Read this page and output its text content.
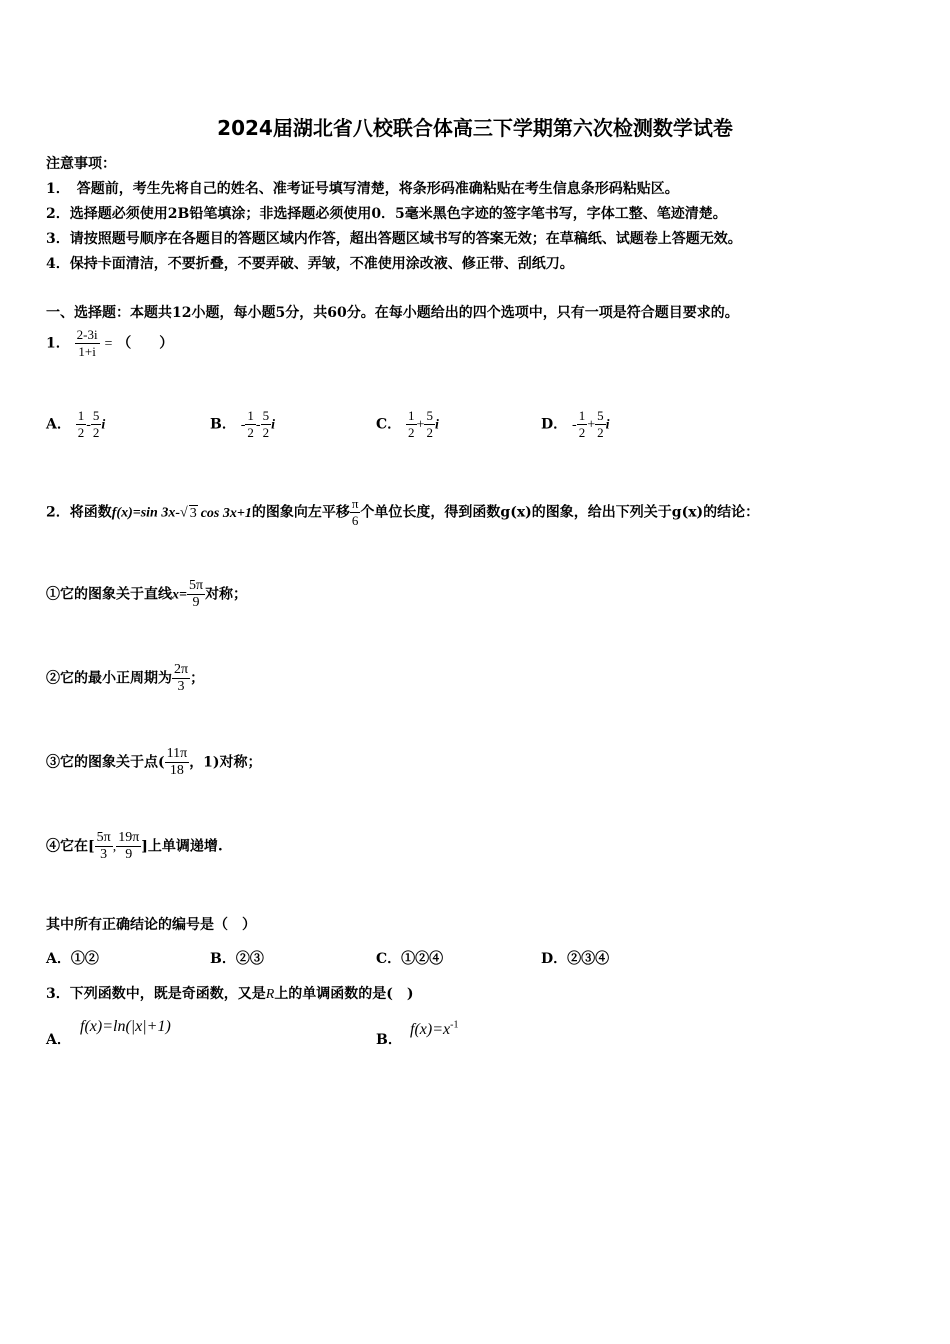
2024届湖北省八校联合体高三下学期第六次检测数学试卷
注意事项：
1．　答题前，考生先将自己的姓名、准考证号填写清楚，将条形码准确粘贴在考生信息条形码粘贴区。
2．选择题必须使用2B铅笔填涂；非选择题必须使用0．5毫米黑色字迹的签字笔书写，字体工整、笔迹清楚。
3．请按照题号顺序在各题目的答题区域内作答，超出答题区域书写的答案无效；在草稿纸、试题卷上答题无效。
4．保持卡面清洁，不要折叠，不要弄破、弄皱，不准使用涂改液、修正带、刮纸刀。
一、选择题：本题共12小题，每小题5分，共60分。在每小题给出的四个选项中，只有一项是符合题目要求的。
1． $\frac{2-3i}{1+i}$ = （　　）
A． $\frac{1}{2} - \frac{5}{2}$ i	B． - $\frac{1}{2} - \frac{5}{2}$ i	C． $\frac{1}{2} + \frac{5}{2}$ i	D． - $\frac{1}{2} + \frac{5}{2}$ i
2．将函数f(x)=sin 3x-√ 3 cos 3x+1的图象向左平移 $\frac{\pi}{6}$ 个单位长度，得到函数g(x)的图象，给出下列关于g(x)的结论：
①它的图象关于直线$x= \frac{5\pi}{9}$ 对称；
②它的最小正周期为 $\frac{2\pi}{3}$ ；
③它的图象关于点( $\frac{11\pi}{18}$ ，1)对称；
④它在[ $\frac{5\pi}{3}$ , $\frac{19\pi}{9}$ ]上单调递增.
其中所有正确结论的编号是（　）
A．①②	B．②③	C．①②④	D．②③④
3．下列函数中，既是奇函数，又是R上的单调函数的是(　)
A．
f(x)=ln(|x|+1)
B．
$f(x)=x^{-1}$
